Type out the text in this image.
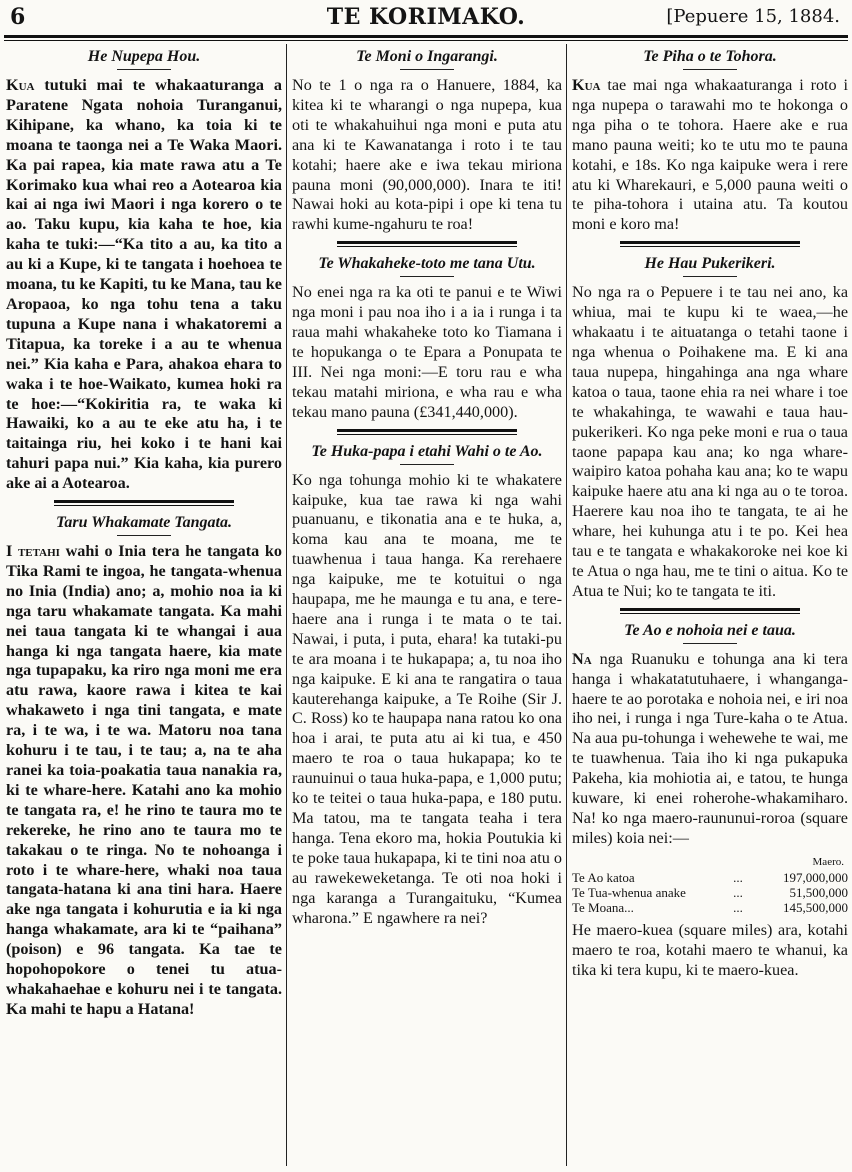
6	TE KORIMAKO.	[Pepuere 15, 1884.
He Nupepa Hou.

Kua tutuki mai te whakaaturanga a Paratene Ngata nohoia Turanganui, Kihipane, ka whano, ka toia ki te moana te taonga nei a Te Waka Maori. Ka pai rapea, kia mate rawa atu a Te Korimako kua whai reo a Aotearoa kia kai ai nga iwi Maori i nga korero o te ao. Taku kupu, kia kaha te hoe, kia kaha te tuki:—“Ka tito a au, ka tito a au ki a Kupe, ki te tangata i hoehoea te moana, tu ke Kapiti, tu ke Mana, tau ke Aropaoa, ko nga tohu tena a taku tupuna a Kupe nana i whakatoremi a Titapua, ka toreke i a au te whenua nei.” Kia kaha e Para, ahakoa ehara to waka i te hoe-Waikato, kumea hoki ra te hoe:—“Kokiritia ra, te waka ki Hawaiki, ko a au te eke atu ha, i te taitainga riu, hei koko i te hani kai tahuri papa nui.” Kia kaha, kia purero ake ai a Aotearoa.

Taru Whakamate Tangata.

I tetahi wahi o Inia tera he tangata ko Tika Rami te ingoa, he tangata-whenua no Inia (India) ano; a, mohio noa ia ki nga taru whakamate tangata. Ka mahi nei taua tangata ki te whangai i aua hanga ki nga tangata haere, kia mate nga tupapaku, ka riro nga moni me era atu rawa, kaore rawa i kitea te kai whakaweto i nga tini tangata, e mate ra, i te wa, i te wa. Matoru noa tana kohuru i te tau, i te tau; a, na te aha ranei ka toia-poakatia taua nanakia ra, ki te whare-here. Katahi ano ka mohio te tangata ra, e! he rino te taura mo te rekereke, he rino ano te taura mo te takakau o te ringa. No te nohoanga i roto i te whare-here, whaki noa taua tangata-hatana ki ana tini hara. Haere ake nga tangata i kohurutia e ia ki nga hanga whakamate, ara ki te “paihana” (poison) e 96 tangata. Ka tae te hopohopokore o tenei tu atua-whakahaehae e kohuru nei i te tangata. Ka mahi te hapu a Hatana!

Te Moni o Ingarangi.

No te 1 o nga ra o Hanuere, 1884, ka kitea ki te wharangi o nga nupepa, kua oti te whakahuihui nga moni e puta atu ana ki te Kawanatanga i roto i te tau kotahi; haere ake e iwa tekau miriona pauna moni (90,000,000). Inara te iti! Nawai hoki au kota-pipi i ope ki tena tu rawhi kume-ngahuru te roa!

Te Whakaheke-toto me tana Utu.

No enei nga ra ka oti te panui e te Wiwi nga moni i pau noa iho i a ia i runga i ta raua mahi whakaheke toto ko Tiamana i te hopukanga o te Epara a Ponupata te III. Nei nga moni:—E toru rau e wha tekau matahi miriona, e wha rau e wha tekau mano pauna (£341,440,000).

Te Huka-papa i etahi Wahi o te Ao.

Ko nga tohunga mohio ki te whakatere kaipuke, kua tae rawa ki nga wahi puanuanu, e tikonatia ana e te huka, a, koma kau ana te moana, me te tuawhenua i taua hanga. Ka rerehaere nga kaipuke, me te kotuitui o nga haupapa, me he maunga e tu ana, e tere-haere ana i runga i te mata o te tai. Nawai, i puta, i puta, ehara! ka tutaki-pu te ara moana i te hukapapa; a, tu noa iho nga kaipuke. E ki ana te rangatira o taua kauterehanga kaipuke, a Te Roihe (Sir J. C. Ross) ko te haupapa nana ratou ko ona hoa i arai, te puta atu ai ki tua, e 450 maero te roa o taua hukapapa; ko te raunuinui o taua huka-papa, e 1,000 putu; ko te teitei o taua huka-papa, e 180 putu. Ma tatou, ma te tangata teaha i tera hanga. Tena ekoro ma, hokia Poutukia ki te poke taua hukapapa, ki te tini noa atu o au rawekeweketanga. Te oti noa hoki i nga karanga a Turangaituku, “Kumea wharona.” E ngawhere ra nei?

Te Piha o te Tohora.

Kua tae mai nga whakaaturanga i roto i nga nupepa o tarawahi mo te hokonga o nga piha o te tohora. Haere ake e rua mano pauna weiti; ko te utu mo te pauna kotahi, e 18s. Ko nga kaipuke wera i rere atu ki Wharekauri, e 5,000 pauna weiti o te piha-tohora i utaina atu. Ta koutou moni e koro ma!

He Hau Pukerikeri.

No nga ra o Pepuere i te tau nei ano, ka whiua, mai te kupu ki te waea,—he whakaatu i te aituatanga o tetahi taone i nga whenua o Poihakene ma. E ki ana taua nupepa, hingahinga ana nga whare katoa o taua, taone ehia ra nei whare i toe te whakahinga, te wawahi e taua hau-pukerikeri. Ko nga peke moni e rua o taua taone papapa kau ana; ko nga whare-waipiro katoa pohaha kau ana; ko te wapu kaipuke haere atu ana ki nga au o te toroa. Haerere kau noa iho te tangata, te ai he whare, hei kuhunga atu i te po. Kei hea tau e te tangata e whakakoroke nei koe ki te Atua o nga hau, me te tini o aitua. Ko te Atua te Nui; ko te tangata te iti.

Te Ao e nohoia nei e taua.

Na nga Ruanuku e tohunga ana ki tera hanga i whakatatutuhaere, i whanganga-haere te ao porotaka e nohoia nei, e iri noa iho nei, i runga i nga Ture-kaha o te Atua. Na aua pu-tohunga i wehewehe te wai, me te tuawhenua. Taia iho ki nga pukapuka Pakeha, kia mohiotia ai, e tatou, te hunga kuware, ki enei roherohe-whakamiharo. Na! ko nga maero-raununui-roroa (square miles) koia nei:—

Maero.
Te Ao katoa	...	197,000,000
Te Tua-whenua anake	...	51,500,000
Te Moana...	...	145,500,000

He maero-kuea (square miles) ara, kotahi maero te roa, kotahi maero te whanui, ka tika ki tera kupu, ki te maero-kuea.
